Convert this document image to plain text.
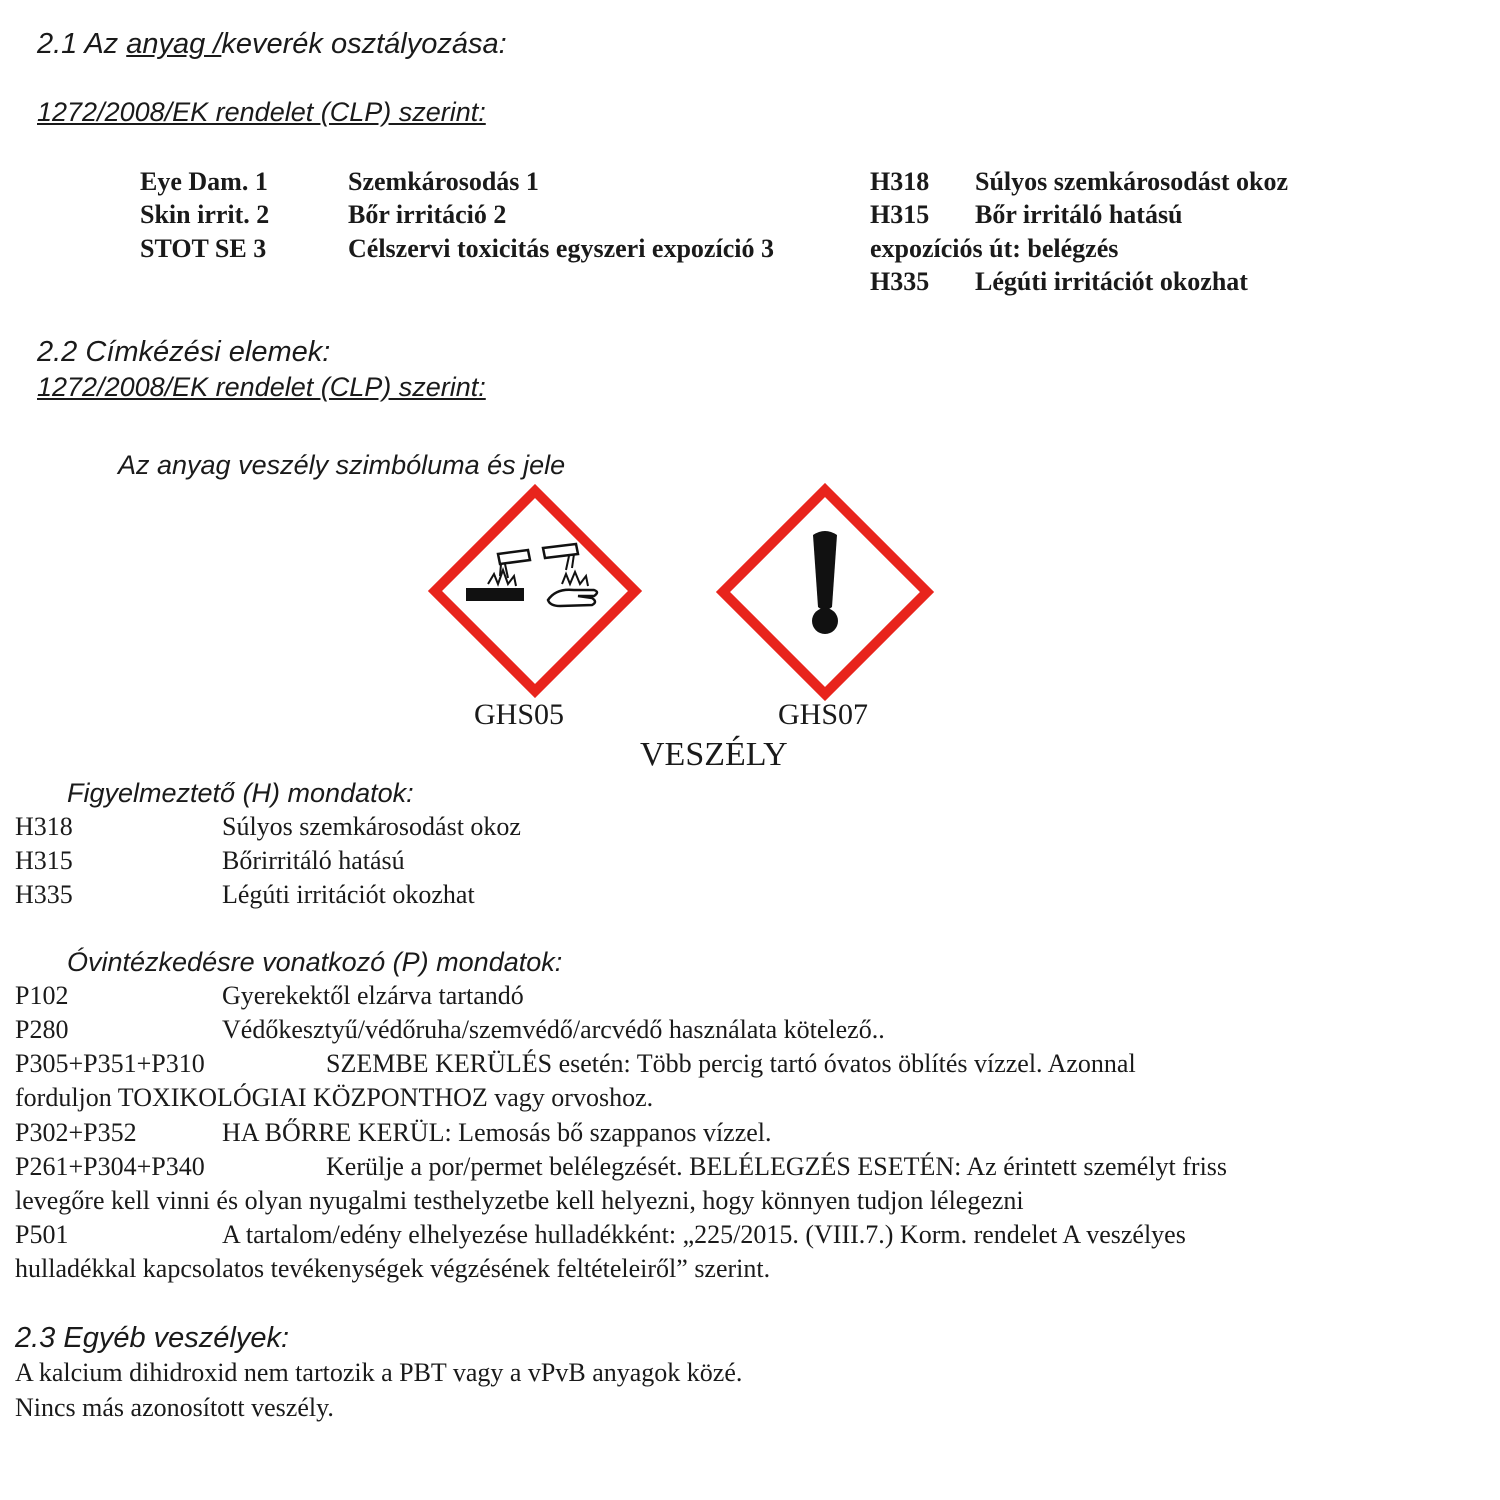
2.1 Az anyag /keverék osztályozása:
1272/2008/EK rendelet (CLP) szerint:
Eye Dam. 1	Szemkárosodás 1	H318 Súlyos szemkárosodást okoz
Skin irrit. 2	Bőr irritáció 2	H315 Bőr irritáló hatású
STOT SE 3	Célszervi toxicitás egyszeri expozíció 3	expozíciós út: belégzés
H335 Légúti irritációt okozhat
2.2 Címkézési elemek:
1272/2008/EK rendelet (CLP) szerint:
Az anyag veszély szimbóluma és jele
GHS05	GHS07
VESZÉLY
Figyelmeztető (H) mondatok:
H318	Súlyos szemkárosodást okoz
H315	Bőrirritáló hatású
H335	Légúti irritációt okozhat
Óvintézkedésre vonatkozó (P) mondatok:
P102	Gyerekektől elzárva tartandó
P280	Védőkesztyű/védőruha/szemvédő/arcvédő használata kötelező..
P305+P351+P310	SZEMBE KERÜLÉS esetén: Több percig tartó óvatos öblítés vízzel. Azonnal
forduljon TOXIKOLÓGIAI KÖZPONTHOZ vagy orvoshoz.
P302+P352	HA BŐRRE KERÜL: Lemosás bő szappanos vízzel.
P261+P304+P340	Kerülje a por/permet belélegzését. BELÉLEGZÉS ESETÉN: Az érintett személyt friss
levegőre kell vinni és olyan nyugalmi testhelyzetbe kell helyezni, hogy könnyen tudjon lélegezni
P501	A tartalom/edény elhelyezése hulladékként: „225/2015. (VIII.7.) Korm. rendelet A veszélyes
hulladékkal kapcsolatos tevékenységek végzésének feltételeiről” szerint.
2.3 Egyéb veszélyek:
A kalcium dihidroxid nem tartozik a PBT vagy a vPvB anyagok közé.
Nincs más azonosított veszély.
